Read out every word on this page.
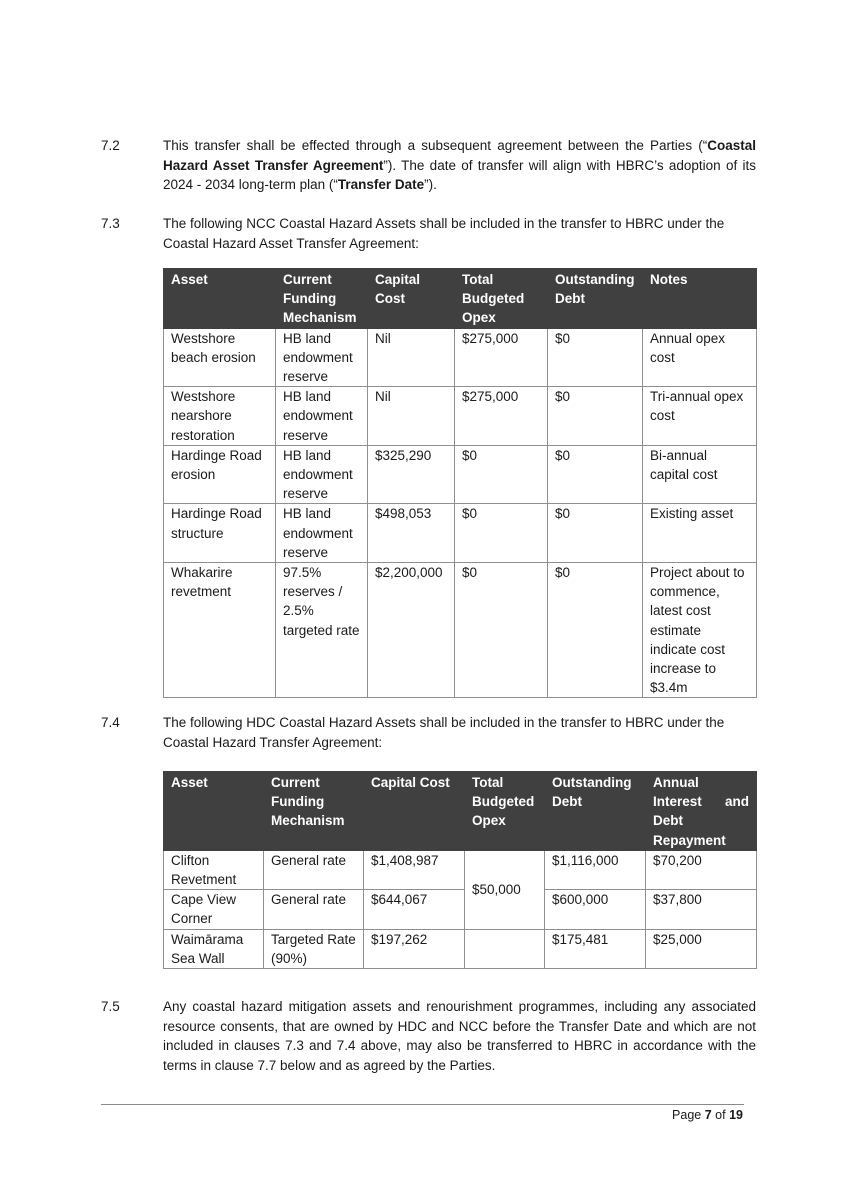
7.2	This transfer shall be effected through a subsequent agreement between the Parties (“Coastal Hazard Asset Transfer Agreement”). The date of transfer will align with HBRC’s adoption of its 2024 - 2034 long-term plan (“Transfer Date”).
7.3	The following NCC Coastal Hazard Assets shall be included in the transfer to HBRC under the Coastal Hazard Asset Transfer Agreement:
Asset	Current Funding Mechanism	Capital Cost	Total Budgeted Opex	Outstanding Debt	Notes
Westshore beach erosion	HB land endowment reserve	Nil	$275,000	$0	Annual opex cost
Westshore nearshore restoration	HB land endowment reserve	Nil	$275,000	$0	Tri-annual opex cost
Hardinge Road erosion	HB land endowment reserve	$325,290	$0	$0	Bi-annual capital cost
Hardinge Road structure	HB land endowment reserve	$498,053	$0	$0	Existing asset
Whakarire revetment	97.5% reserves / 2.5% targeted rate	$2,200,000	$0	$0	Project about to commence, latest cost estimate indicate cost increase to $3.4m
7.4	The following HDC Coastal Hazard Assets shall be included in the transfer to HBRC under the Coastal Hazard Transfer Agreement:
Asset	Current Funding Mechanism	Capital Cost	Total Budgeted Opex	Outstanding Debt	Annual Interest and Debt Repayment
Clifton Revetment	General rate	$1,408,987	$50,000	$1,116,000	$70,200
Cape View Corner	General rate	$644,067		$600,000	$37,800
Waimārama Sea Wall	Targeted Rate (90%)	$197,262		$175,481	$25,000
7.5	Any coastal hazard mitigation assets and renourishment programmes, including any associated resource consents, that are owned by HDC and NCC before the Transfer Date and which are not included in clauses 7.3 and 7.4 above, may also be transferred to HBRC in accordance with the terms in clause 7.7 below and as agreed by the Parties.
Page 7 of 19
